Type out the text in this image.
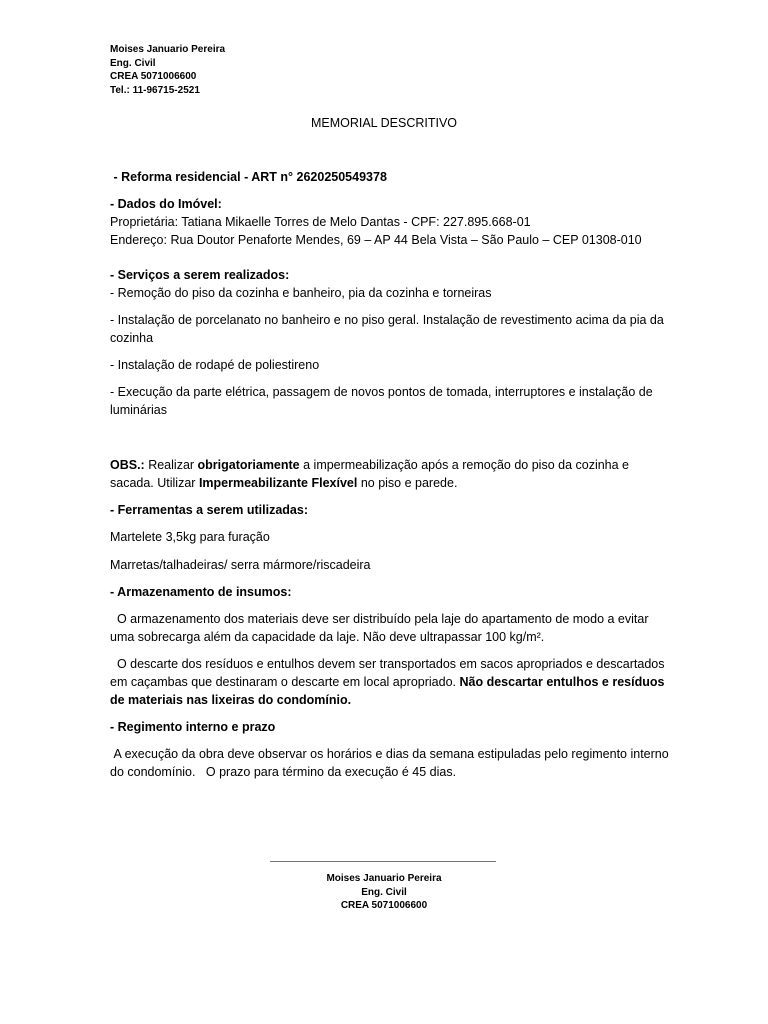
Moises Januario Pereira
Eng. Civil
CREA 5071006600
Tel.: 11-96715-2521
MEMORIAL DESCRITIVO
- Reforma residencial - ART n° 2620250549378
- Dados do Imóvel:
Proprietária: Tatiana Mikaelle Torres de Melo Dantas - CPF: 227.895.668-01
Endereço: Rua Doutor Penaforte Mendes, 69 – AP 44 Bela Vista – São Paulo – CEP 01308-010
- Serviços a serem realizados:
- Remoção do piso da cozinha e banheiro, pia da cozinha e torneiras
- Instalação de porcelanato no banheiro e no piso geral. Instalação de revestimento acima da pia da cozinha
- Instalação de rodapé de poliestireno
- Execução da parte elétrica, passagem de novos pontos de tomada, interruptores e instalação de luminárias
OBS.: Realizar obrigatoriamente a impermeabilização após a remoção do piso da cozinha e sacada. Utilizar Impermeabilizante Flexível no piso e parede.
- Ferramentas a serem utilizadas:
Martelete 3,5kg para furação
Marretas/talhadeiras/ serra mármore/riscadeira
- Armazenamento de insumos:
O armazenamento dos materiais deve ser distribuído pela laje do apartamento de modo a evitar uma sobrecarga além da capacidade da laje. Não deve ultrapassar 100 kg/m².
O descarte dos resíduos e entulhos devem ser transportados em sacos apropriados e descartados em caçambas que destinaram o descarte em local apropriado. Não descartar entulhos e resíduos de materiais nas lixeiras do condomínio.
- Regimento interno e prazo
A execução da obra deve observar os horários e dias da semana estipuladas pelo regimento interno do condomínio.   O prazo para término da execução é 45 dias.
Moises Januario Pereira
Eng. Civil
CREA 5071006600
